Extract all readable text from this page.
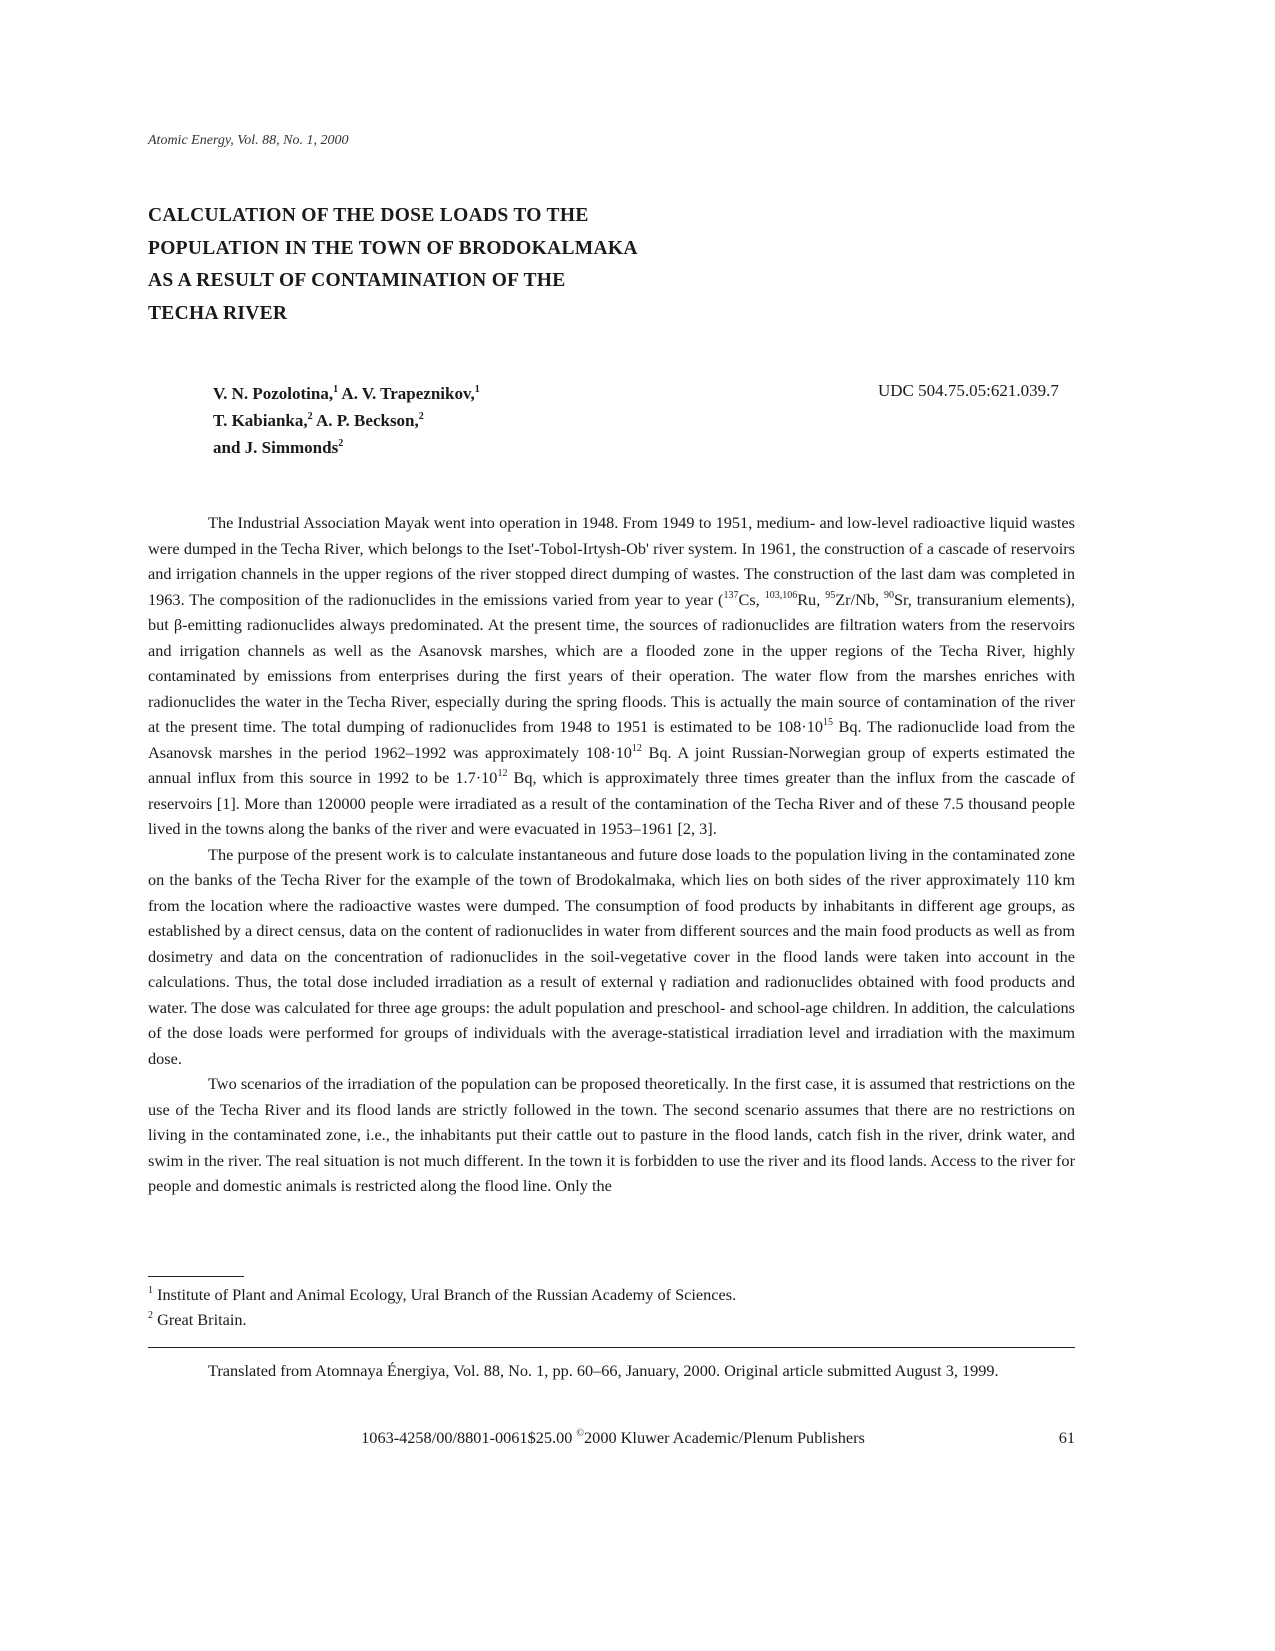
Atomic Energy, Vol. 88, No. 1, 2000
CALCULATION OF THE DOSE LOADS TO THE
POPULATION IN THE TOWN OF BRODOKALMAKA
AS A RESULT OF CONTAMINATION OF THE
TECHA RIVER
V. N. Pozolotina,$^1$ A. V. Trapeznikov,$^1$
T. Kabianka,$^2$ A. P. Beckson,$^2$
and J. Simmonds$^2$
UDC 504.75.05:621.039.7

The Industrial Association Mayak went into operation in 1948. From 1949 to 1951, medium- and low-level radioactive liquid wastes were dumped in the Techa River, which belongs to the Iset'-Tobol-Irtysh-Ob' river system. In 1961, the construction of a cascade of reservoirs and irrigation channels in the upper regions of the river stopped direct dumping of wastes. The construction of the last dam was completed in 1963. The composition of the radionuclides in the emissions varied from year to year ($^{137}$Cs, $^{103,106}$Ru, $^{95}$Zr/Nb, $^{90}$Sr, transuranium elements), but β-emitting radionuclides always predominated. At the present time, the sources of radionuclides are filtration waters from the reservoirs and irrigation channels as well as the Asanovsk marshes, which are a flooded zone in the upper regions of the Techa River, highly contaminated by emissions from enterprises during the first years of their operation. The water flow from the marshes enriches with radionuclides the water in the Techa River, especially during the spring floods. This is actually the main source of contamination of the river at the present time. The total dumping of radionuclides from 1948 to 1951 is estimated to be $108\cdot 10^{15}$ Bq. The radionuclide load from the Asanovsk marshes in the period 1962–1992 was approximately $108\cdot 10^{12}$ Bq. A joint Russian-Norwegian group of experts estimated the annual influx from this source in 1992 to be $1.7\cdot 10^{12}$ Bq, which is approximately three times greater than the influx from the cascade of reservoirs [1]. More than 120000 people were irradiated as a result of the contamination of the Techa River and of these 7.5 thousand people lived in the towns along the banks of the river and were evacuated in 1953–1961 [2, 3].

The purpose of the present work is to calculate instantaneous and future dose loads to the population living in the contaminated zone on the banks of the Techa River for the example of the town of Brodokalmaka, which lies on both sides of the river approximately 110 km from the location where the radioactive wastes were dumped. The consumption of food products by inhabitants in different age groups, as established by a direct census, data on the content of radionuclides in water from different sources and the main food products as well as from dosimetry and data on the concentration of radionuclides in the soil-vegetative cover in the flood lands were taken into account in the calculations. Thus, the total dose included irradiation as a result of external γ radiation and radionuclides obtained with food products and water. The dose was calculated for three age groups: the adult population and preschool- and school-age children. In addition, the calculations of the dose loads were performed for groups of individuals with the average-statistical irradiation level and irradiation with the maximum dose.

Two scenarios of the irradiation of the population can be proposed theoretically. In the first case, it is assumed that restrictions on the use of the Techa River and its flood lands are strictly followed in the town. The second scenario assumes that there are no restrictions on living in the contaminated zone, i.e., the inhabitants put their cattle out to pasture in the flood lands, catch fish in the river, drink water, and swim in the river. The real situation is not much different. In the town it is forbidden to use the river and its flood lands. Access to the river for people and domestic animals is restricted along the flood line. Only the

$^1$ Institute of Plant and Animal Ecology, Ural Branch of the Russian Academy of Sciences.
$^2$ Great Britain.

Translated from Atomnaya Énergiya, Vol. 88, No. 1, pp. 60–66, January, 2000. Original article submitted August 3, 1999.

1063-4258/00/8801-0061$25.00 ©2000 Kluwer Academic/Plenum Publishers	61
